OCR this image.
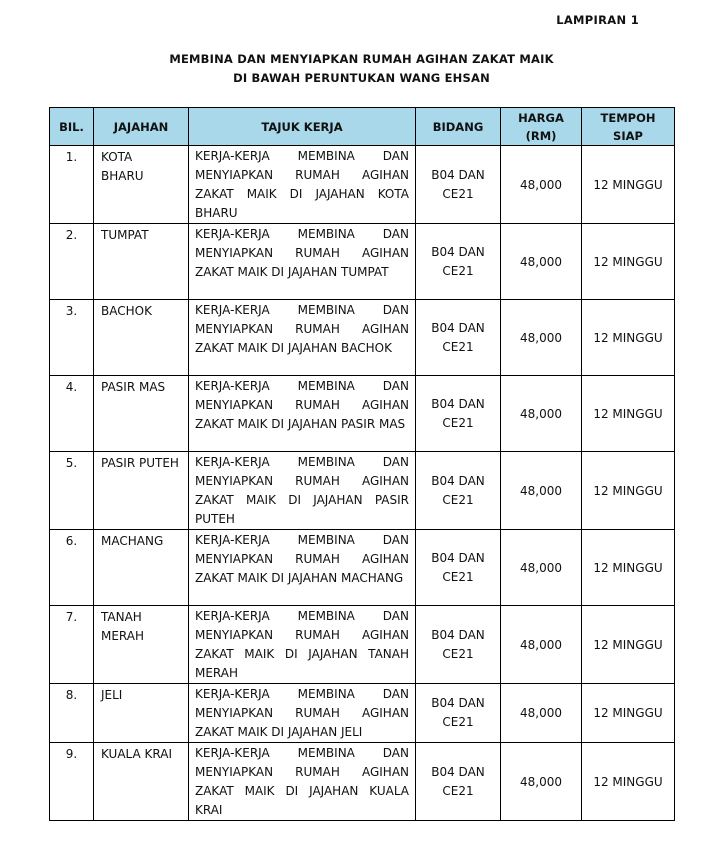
LAMPIRAN 1
MEMBINA DAN MENYIAPKAN RUMAH AGIHAN ZAKAT MAIK
DI BAWAH PERUNTUKAN WANG EHSAN
BIL.	JAJAHAN	TAJUK KERJA	BIDANG	HARGA
(RM)	TEMPOH
SIAP
1.	KOTA
BHARU	KERJA-KERJA MEMBINA DAN MENYIAPKAN RUMAH AGIHAN ZAKAT MAIK DI JAJAHAN KOTA BHARU	B04 DAN
CE21	48,000	12 MINGGU
2.	TUMPAT	KERJA-KERJA MEMBINA DAN MENYIAPKAN RUMAH AGIHAN ZAKAT MAIK DI JAJAHAN TUMPAT	B04 DAN
CE21	48,000	12 MINGGU
3.	BACHOK	KERJA-KERJA MEMBINA DAN MENYIAPKAN RUMAH AGIHAN ZAKAT MAIK DI JAJAHAN BACHOK	B04 DAN
CE21	48,000	12 MINGGU
4.	PASIR MAS	KERJA-KERJA MEMBINA DAN MENYIAPKAN RUMAH AGIHAN ZAKAT MAIK DI JAJAHAN PASIR MAS	B04 DAN
CE21	48,000	12 MINGGU
5.	PASIR PUTEH	KERJA-KERJA MEMBINA DAN MENYIAPKAN RUMAH AGIHAN ZAKAT MAIK DI JAJAHAN PASIR PUTEH	B04 DAN
CE21	48,000	12 MINGGU
6.	MACHANG	KERJA-KERJA MEMBINA DAN MENYIAPKAN RUMAH AGIHAN ZAKAT MAIK DI JAJAHAN MACHANG	B04 DAN
CE21	48,000	12 MINGGU
7.	TANAH
MERAH	KERJA-KERJA MEMBINA DAN MENYIAPKAN RUMAH AGIHAN ZAKAT MAIK DI JAJAHAN TANAH MERAH	B04 DAN
CE21	48,000	12 MINGGU
8.	JELI	KERJA-KERJA MEMBINA DAN MENYIAPKAN RUMAH AGIHAN ZAKAT MAIK DI JAJAHAN JELI	B04 DAN
CE21	48,000	12 MINGGU
9.	KUALA KRAI	KERJA-KERJA MEMBINA DAN MENYIAPKAN RUMAH AGIHAN ZAKAT MAIK DI JAJAHAN KUALA KRAI	B04 DAN
CE21	48,000	12 MINGGU
